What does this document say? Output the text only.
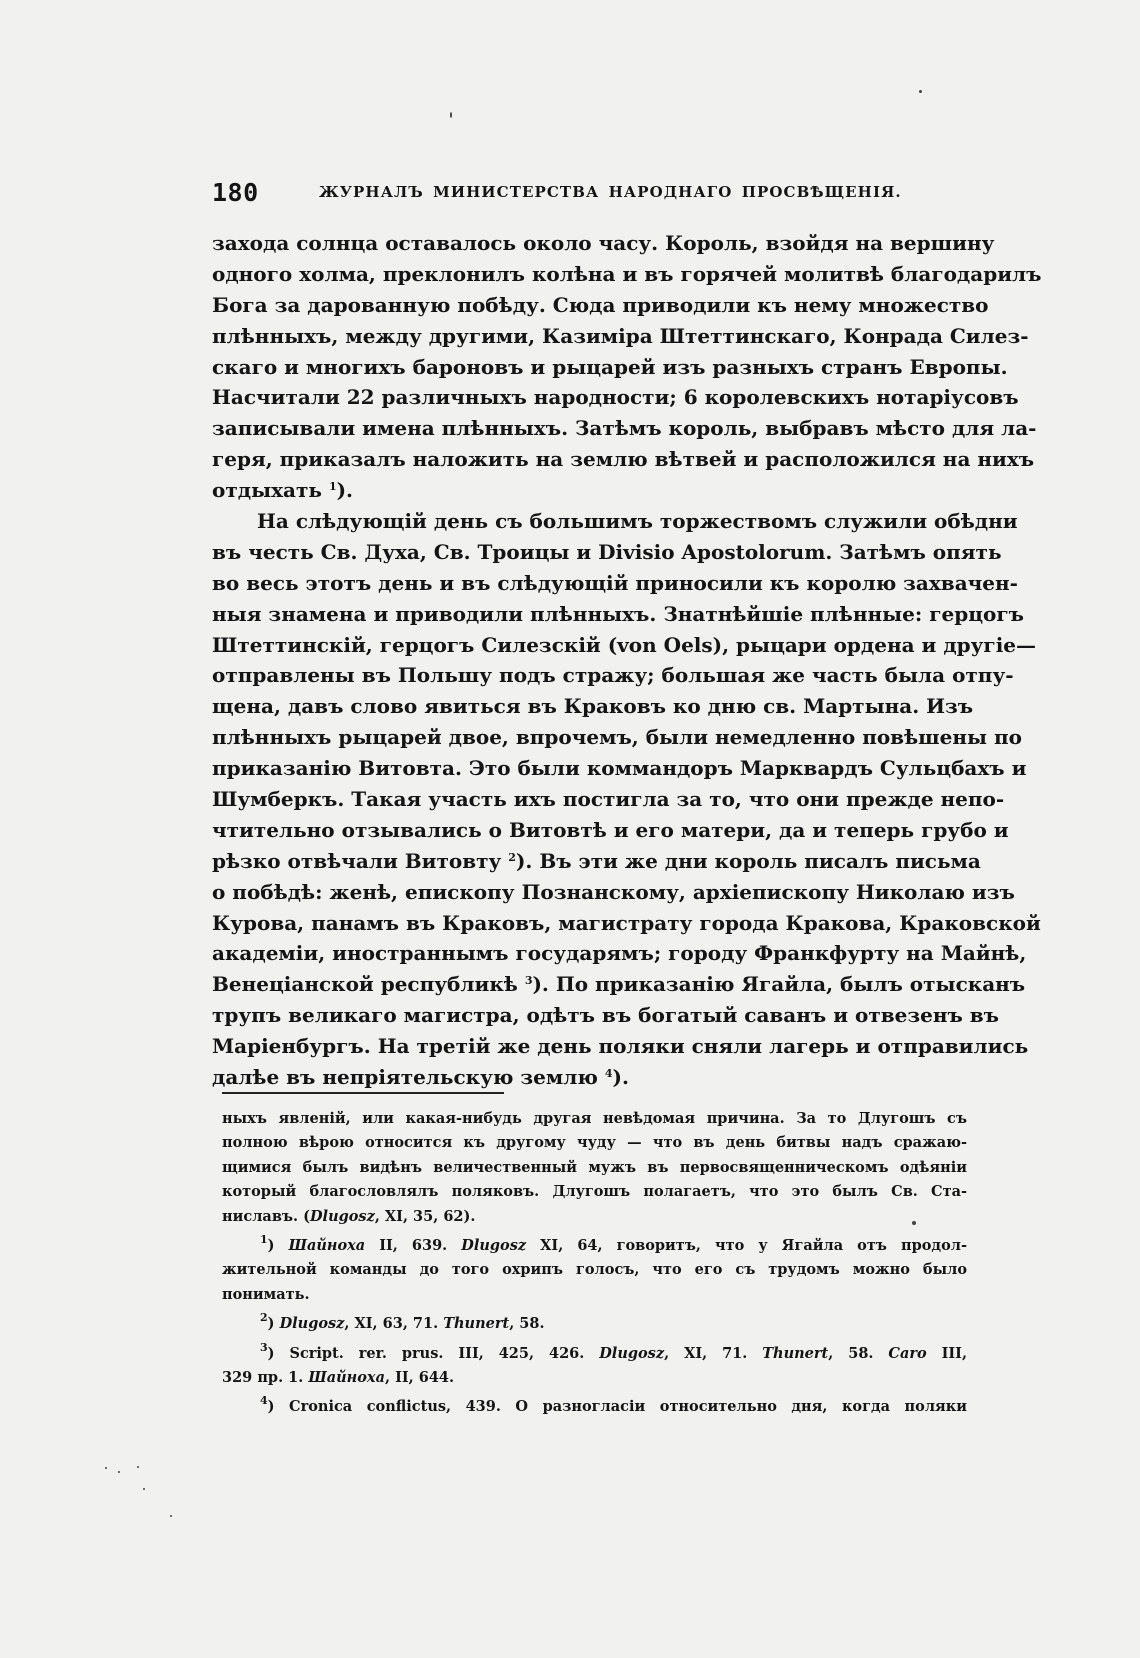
180	ЖУРНАЛЪ МИНИСТЕРСТВА НАРОДНАГО ПРОСВѢЩЕНІЯ.
захода солнца оставалось около часу. Король, взойдя на вершину
одного холма, преклонилъ колѣна и въ горячей молитвѣ благодарилъ
Бога за дарованную побѣду. Сюда приводили къ нему множество
плѣнныхъ, между другими, Казиміра Штеттинскаго, Конрада Силез-
скаго и многихъ бароновъ и рыцарей изъ разныхъ странъ Европы.
Насчитали 22 различныхъ народности; 6 королевскихъ нотаріусовъ
записывали имена плѣнныхъ. Затѣмъ король, выбравъ мѣсто для ла-
геря, приказалъ наложить на землю вѣтвей и расположился на нихъ
отдыхать $^1$).
На слѣдующій день съ большимъ торжествомъ служили обѣдни
въ честь Св. Духа, Св. Троицы и Divisio Apostolorum. Затѣмъ опять
во весь этотъ день и въ слѣдующій приносили къ королю захвачен-
ныя знамена и приводили плѣнныхъ. Знатнѣйшіе плѣнные: герцогъ
Штеттинскій, герцогъ Силезскій (von Oels), рыцари ордена и другіе—
отправлены въ Польшу подъ стражу; большая же часть была отпу-
щена, давъ слово явиться въ Краковъ ко дню св. Мартына. Изъ
плѣнныхъ рыцарей двое, впрочемъ, были немедленно повѣшены по
приказанію Витовта. Это были коммандоръ Марквардъ Сульцбахъ и
Шумберкъ. Такая участь ихъ постигла за то, что они прежде непо-
чтительно отзывались о Витовтѣ и его матери, да и теперь грубо и
рѣзко отвѣчали Витовту $^2$). Въ эти же дни король писалъ письма
о побѣдѣ: женѣ, епископу Познанскому, архіепископу Николаю изъ
Курова, панамъ въ Краковъ, магистрату города Кракова, Краковской
академіи, иностраннымъ государямъ; городу Франкфурту на Майнѣ,
Венеціанской республикѣ $^3$). По приказанію Ягайла, былъ отысканъ
трупъ великаго магистра, одѣтъ въ богатый саванъ и отвезенъ въ
Маріенбургъ. На третій же день поляки сняли лагерь и отправились
далѣе въ непріятельскую землю $^4$).
ныхъ явленій, или какая-нибудь другая невѣдомая причина. За то Длугошъ съ
полною вѣрою относится къ другому чуду — что въ день битвы надъ сражаю-
щимися былъ видѣнъ величественный мужъ въ первосвященническомъ одѣяніи
который благословлялъ поляковъ. Длугошъ полагаетъ, что это былъ Св. Ста-
ниславъ. (Dlugosz, XI, 35, 62).
$^1$) Шайноха II, 639. Dlugosz XI, 64, говоритъ, что у Ягайла отъ продол-
жительной команды до того охрипъ голосъ, что его съ трудомъ можно было
понимать.
$^2$) Dlugosz, XI, 63, 71. Thunert, 58.
$^3$) Script. rer. prus. III, 425, 426. Dlugosz, XI, 71. Thunert, 58. Caro III,
329 пр. 1. Шайноха, II, 644.
$^4$) Cronica conflictus, 439. О разногласіи относительно дня, когда поляки
